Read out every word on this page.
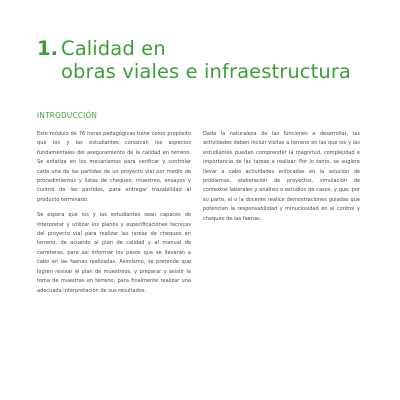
1. Calidad en
obras viales e infraestructura
INTRODUCCIÓN

Este módulo de 76 horas pedagógicas tiene como propósito que los y las estudiantes conozcan los aspectos fundamentales del aseguramiento de la calidad en terreno. Se enfatiza en los mecanismos para verificar y controlar cada una de las partidas de un proyecto vial por medio de procedimientos y listas de chequeo, muestreo, ensayos y control de las partidas, para entregar trazabilidad al producto terminado.

Se espera que los y las estudiantes sean capaces de interpretar y utilizar los planos y especificaciones técnicas del proyecto vial para realizar las tareas de chequeo en terreno, de acuerdo al plan de calidad y al manual de carreteras, para así informar los pasos que se llevarán a cabo en las faenas realizadas. Asimismo, se pretende que logren revisar el plan de muestreos, y preparar y asistir la toma de muestras en terreno, para finalmente realizar una adecuada interpretación de sus resultados.

Dada la naturaleza de las funciones a desarrollar, las actividades deben incluir visitas a terreno en las que los y las estudiantes puedan comprender la magnitud, complejidad e importancia de las tareas a realizar. Por lo tanto, se sugiere llevar a cabo actividades enfocadas en la solución de problemas, elaboración de proyectos, simulación de contextos laborales y análisis o estudios de casos, y que, por su parte, el o la docente realice demostraciones guiadas que potencien la responsabilidad y minuciosidad en el control y chequeo de las faenas.
